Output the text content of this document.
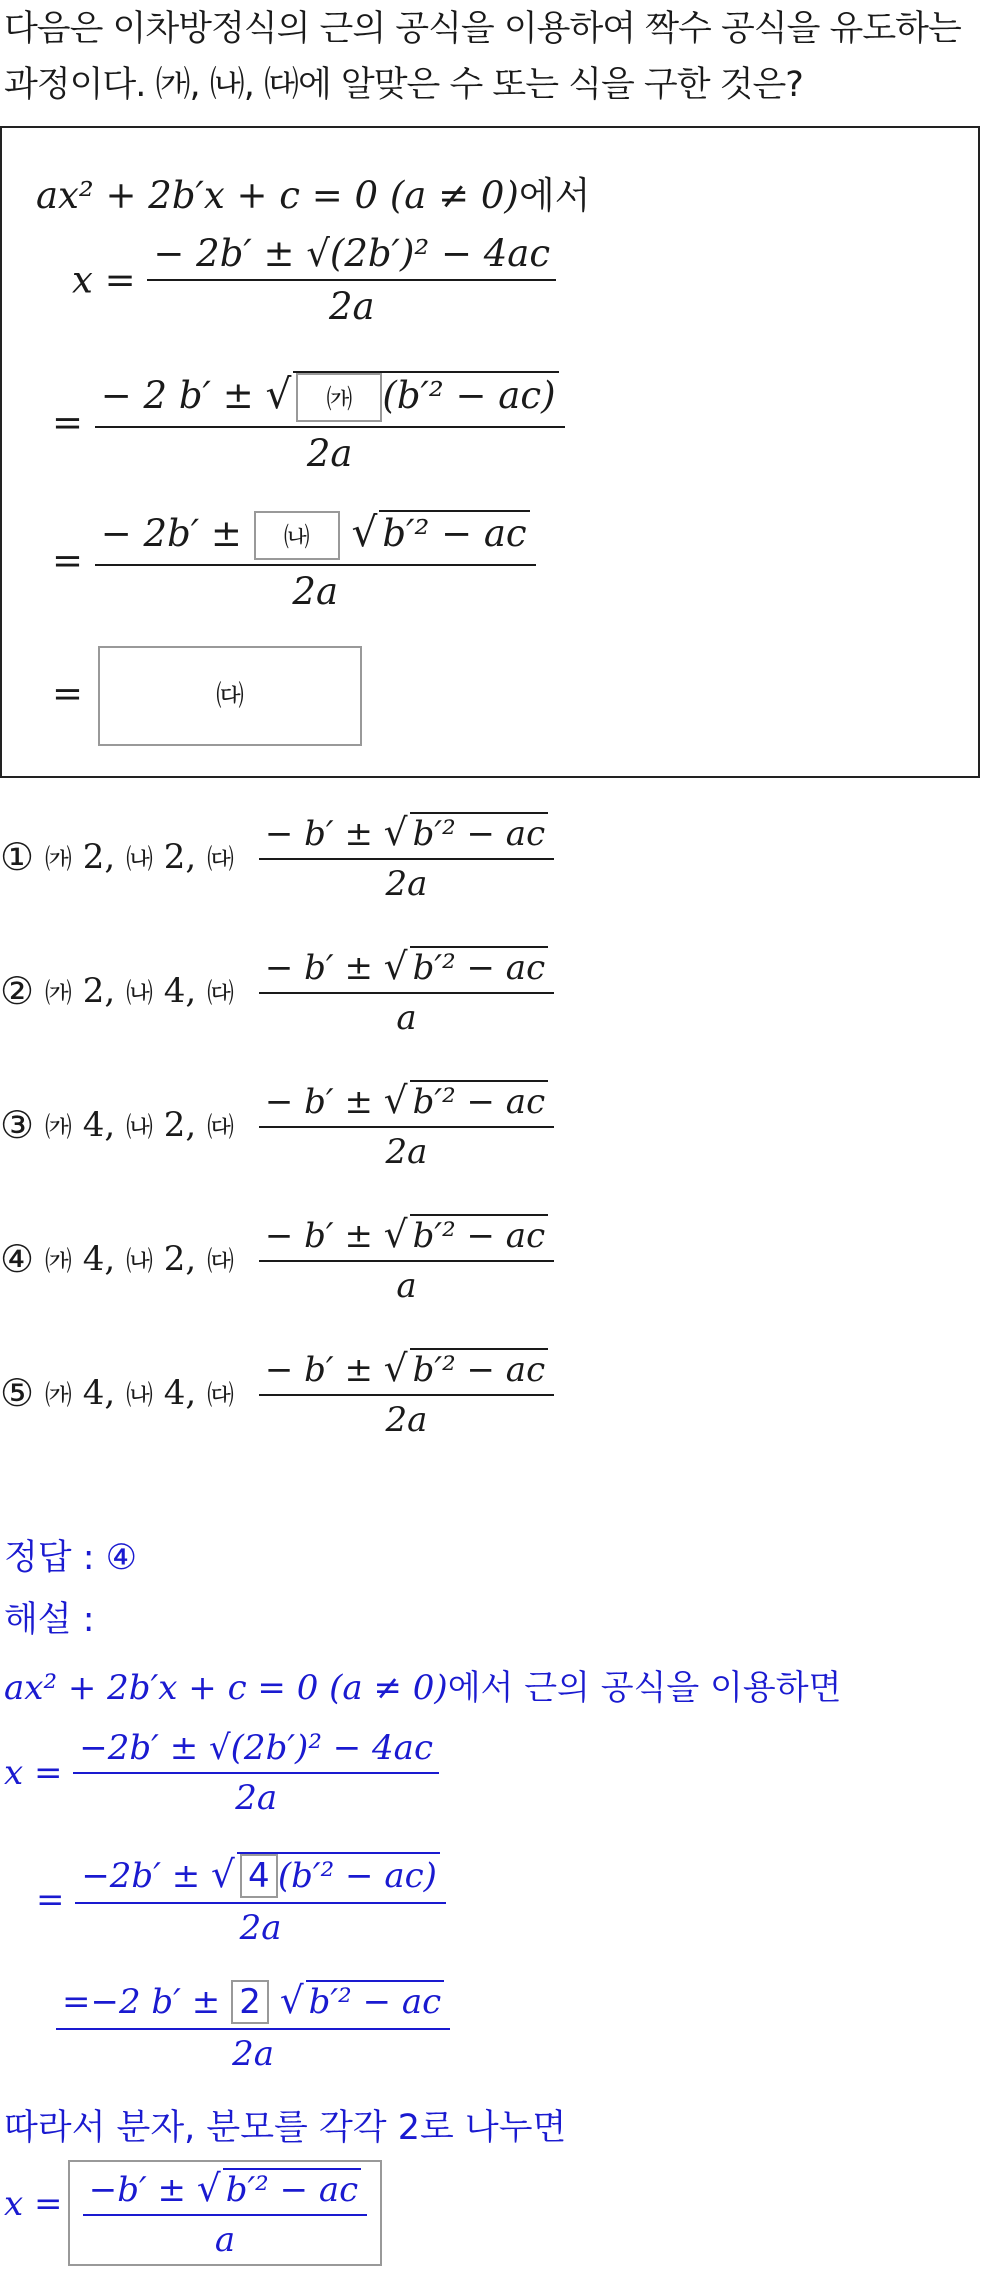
다음은 이차방정식의 근의 공식을 이용하여 짝수 공식을 유도하는
과정이다. ㈎, ㈏, ㈐에 알맞은 수 또는 식을 구한 것은?
ax² + 2b′x + c = 0 (a ≠ 0)에서
$x = \frac{\text{− 2b′ ± √(2b′)² − 4ac}}{2a}$
= $\frac{\text{− 2 b′ ± √ ㈎ (b′² − ac)}}{2a}$
= $\frac{\text{− 2b′ ± ㈏ √ b′² − ac}}{2a}$
=	㈐
① ㈎ 2, ㈏ 2, ㈐ $\frac{\text{− b′ ± √ b′² − ac}}{2a}$
② ㈎ 2, ㈏ 4, ㈐ $\frac{\text{− b′ ± √ b′² − ac}}{a}$
③ ㈎ 4, ㈏ 2, ㈐ $\frac{\text{− b′ ± √ b′² − ac}}{2a}$
④ ㈎ 4, ㈏ 2, ㈐ $\frac{\text{− b′ ± √ b′² − ac}}{a}$
⑤ ㈎ 4, ㈏ 4, ㈐ $\frac{\text{− b′ ± √ b′² − ac}}{2a}$
정답 : ④
해설 :
ax² + 2b′x + c = 0 (a ≠ 0)에서 근의 공식을 이용하면
$x = \frac{\text{−2b′ ± √(2b′)² − 4ac}}{2a}$
= $\frac{\text{−2b′ ± √ 4 (b′² − ac)}}{2a}$
$\frac{\text{=−2 b′ ± 2 √ b′² − ac}}{2a}$
따라서 분자, 분모를 각각 2로 나누면
$x = \frac{\text{−b′ ± √ b′² − ac}}{a}$
